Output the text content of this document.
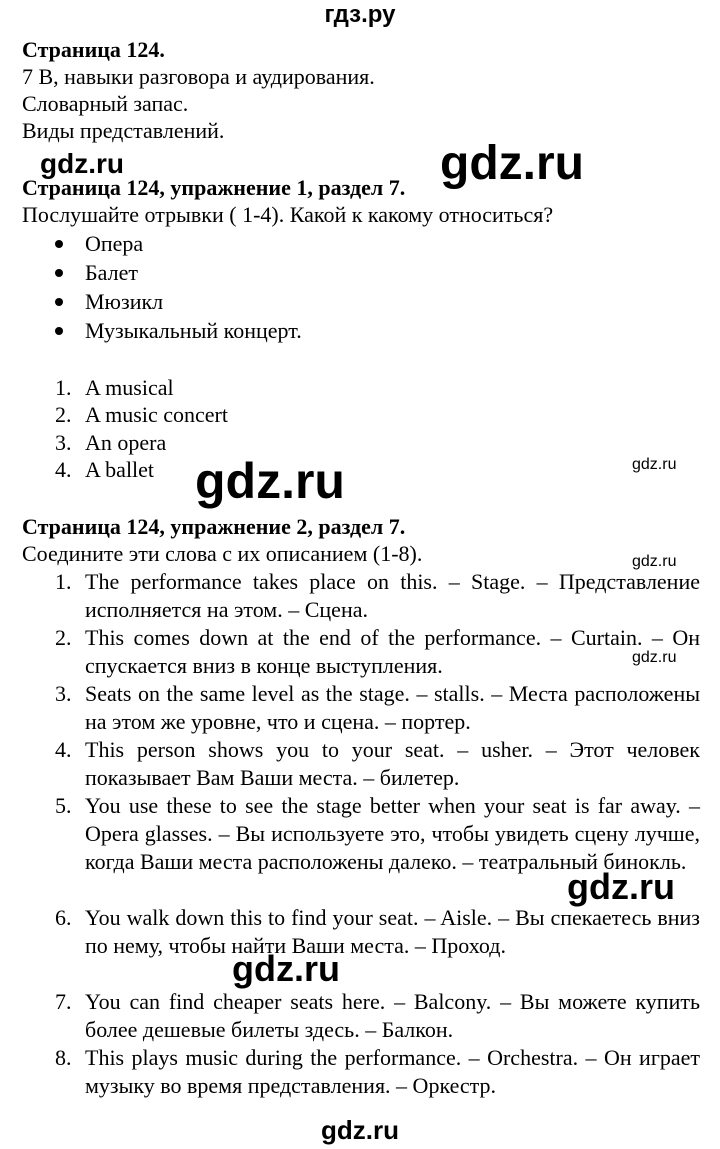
гдз.ру
Страница 124.
7 B, навыки разговора и аудирования.
Словарный запас.
Виды представлений.
gdz.ru	gdz.ru
Страница 124, упражнение 1, раздел 7.
Послушайте отрывки ( 1-4). Какой к какому относиться?
Опера
Балет
Мюзикл
Музыкальный концерт.
1. A musical
2. A music concert
3. An opera
4. A ballet gdz.ru	gdz.ru
Страница 124, упражнение 2, раздел 7.
Соедините эти слова с их описанием (1-8).	gdz.ru
1. The performance takes place on this. – Stage. – Представление исполняется на этом. – Сцена.
2. This comes down at the end of the performance. – Curtain. – Он спускается вниз в конце выступления.	gdz.ru
3. Seats on the same level as the stage. – stalls. – Места расположены на этом же уровне, что и сцена. – портер.
4. This person shows you to your seat. – usher. – Этот человек показывает Вам Ваши места. – билетер.
5. You use these to see the stage better when your seat is far away. – Opera glasses. – Вы используете это, чтобы увидеть сцену лучше, когда Ваши места расположены далеко. – театральный бинокль.
gdz.ru
6. You walk down this to find your seat. – Aisle. – Вы спекаетесь вниз по нему, чтобы найти Ваши места. – Проход.
gdz.ru
7. You can find cheaper seats here. – Balcony. – Вы можете купить более дешевые билеты здесь. – Балкон.
8. This plays music during the performance. – Orchestra. – Он играет музыку во время представления. – Оркестр.
gdz.ru
